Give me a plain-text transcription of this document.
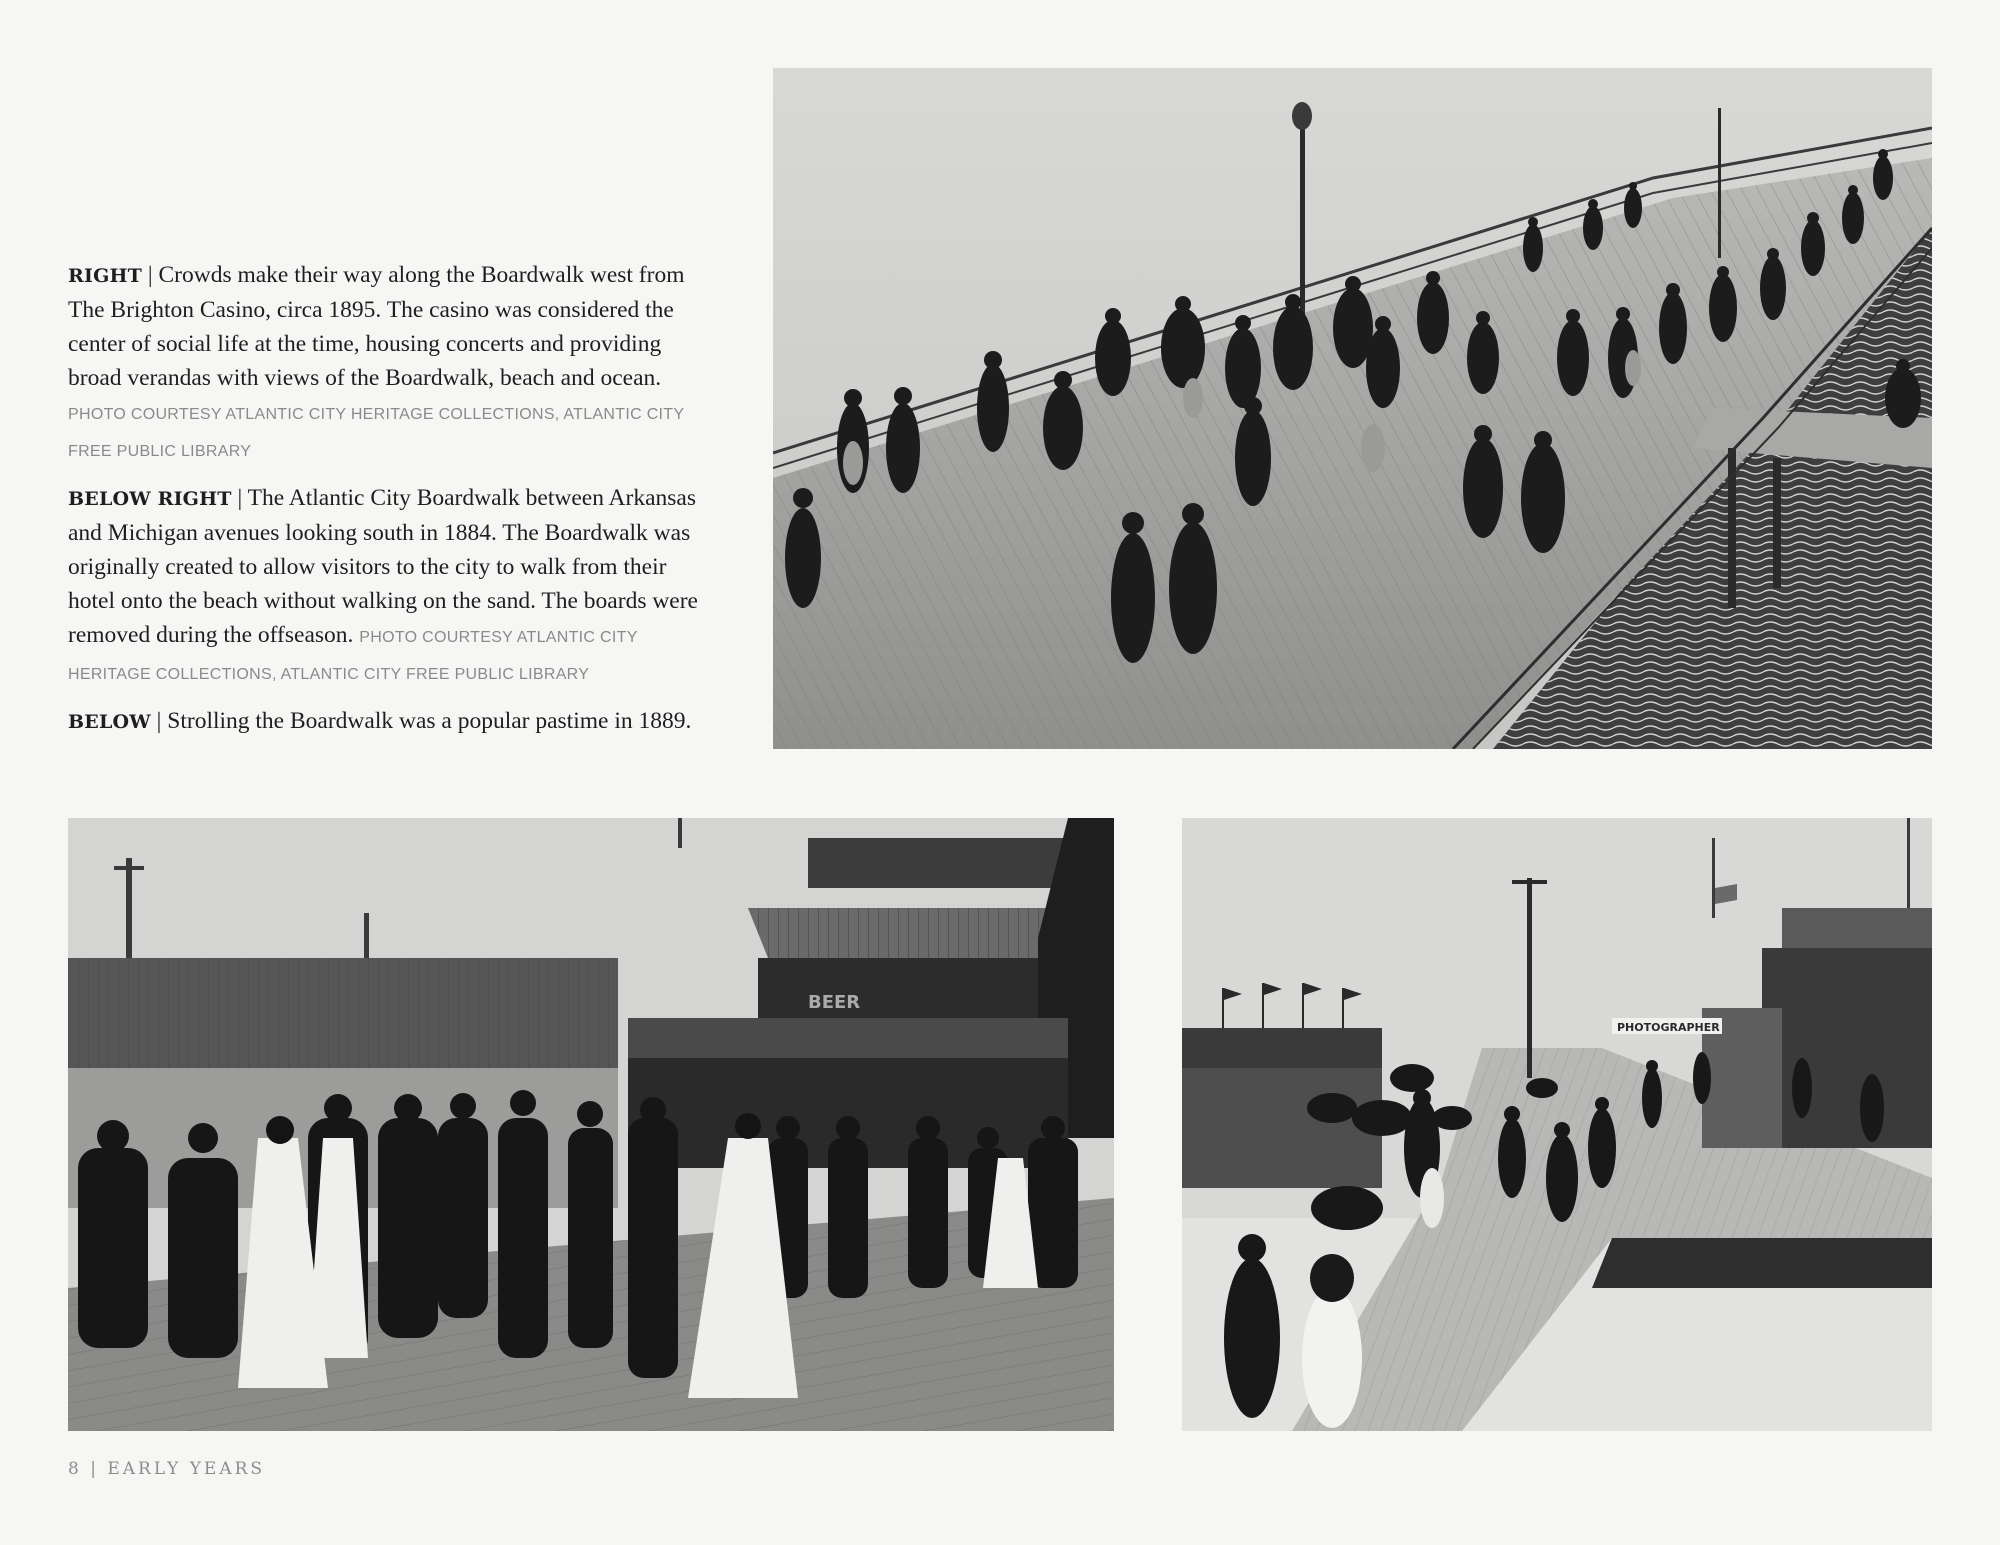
RIGHT | Crowds make their way along the Boardwalk west from The Brighton Casino, circa 1895. The casino was considered the center of social life at the time, housing concerts and providing broad verandas with views of the Boardwalk, beach and ocean. PHOTO COURTESY ATLANTIC CITY HERITAGE COLLECTIONS, ATLANTIC CITY FREE PUBLIC LIBRARY

BELOW RIGHT | The Atlantic City Boardwalk between Arkansas and Michigan avenues looking south in 1884. The Boardwalk was originally created to allow visitors to the city to walk from their hotel onto the beach without walking on the sand. The boards were removed during the offseason. PHOTO COURTESY ATLANTIC CITY HERITAGE COLLECTIONS, ATLANTIC CITY FREE PUBLIC LIBRARY

BELOW | Strolling the Boardwalk was a popular pastime in 1889.

BEER
PHOTOGRAPHER
8 | EARLY YEARS
